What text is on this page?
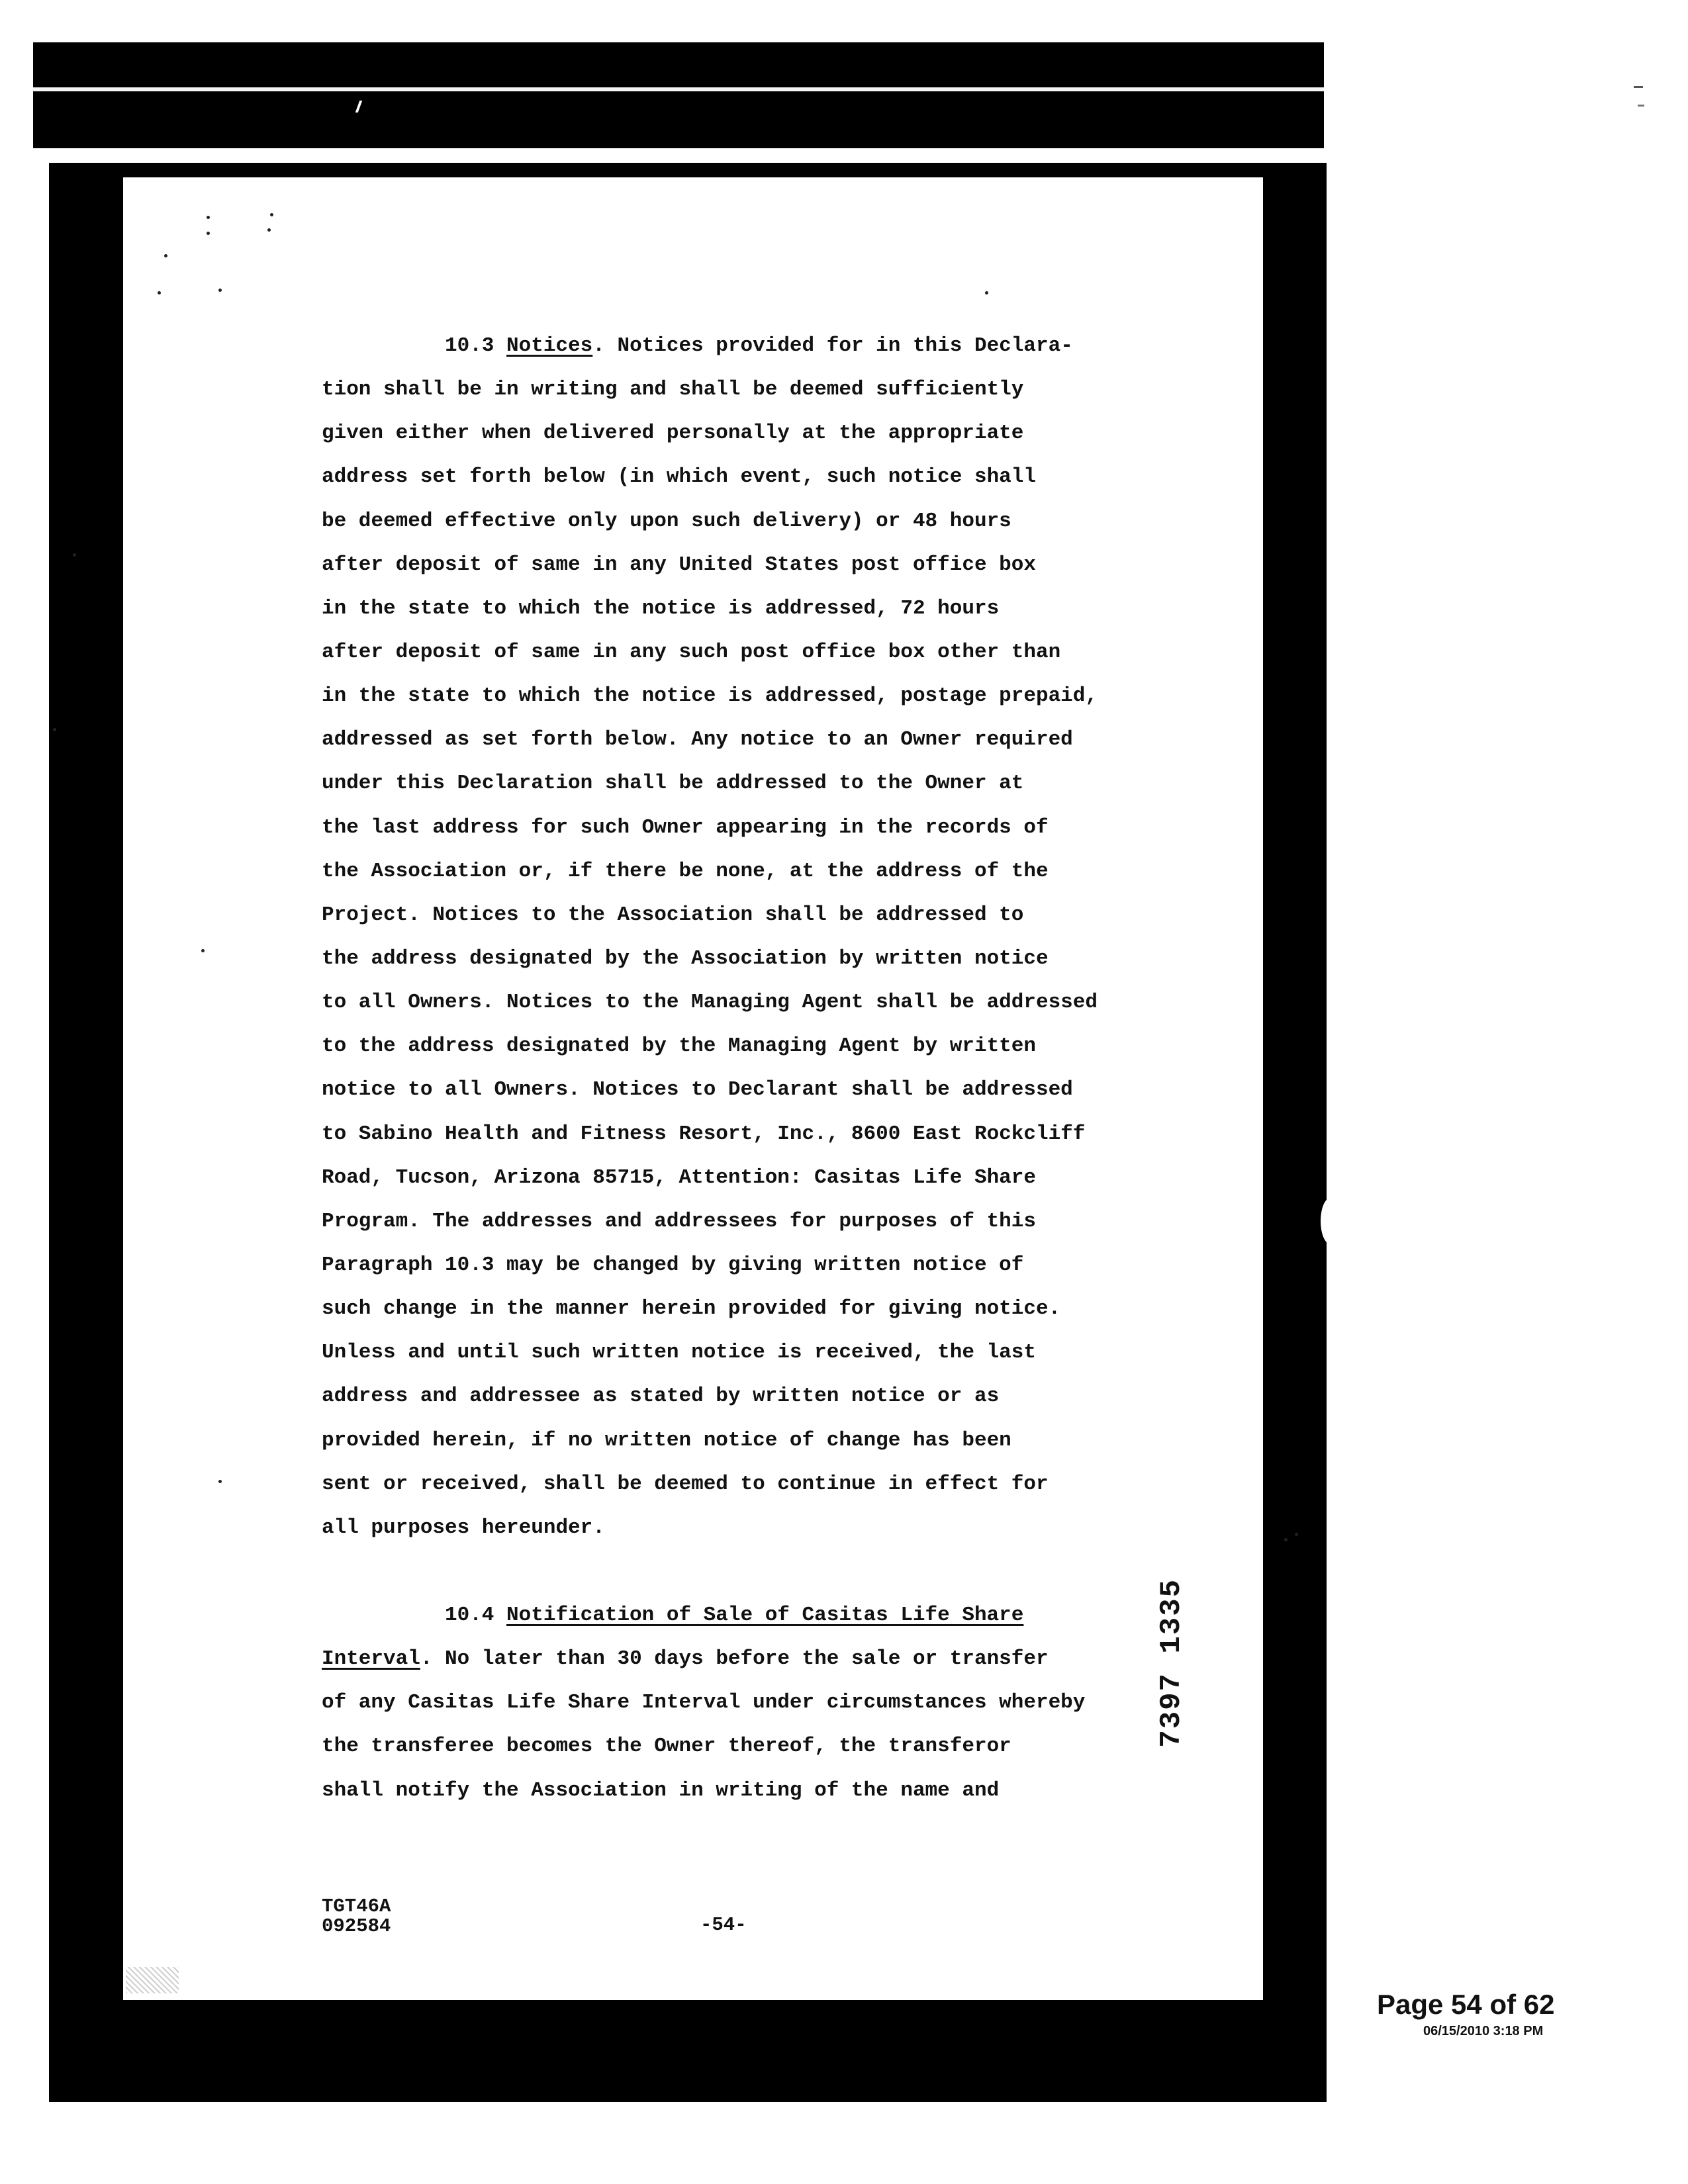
10.3 Notices. Notices provided for in this Declara-
tion shall be in writing and shall be deemed sufficiently
given either when delivered personally at the appropriate
address set forth below (in which event, such notice shall
be deemed effective only upon such delivery) or 48 hours
after deposit of same in any United States post office box
in the state to which the notice is addressed, 72 hours
after deposit of same in any such post office box other than
in the state to which the notice is addressed, postage prepaid,
addressed as set forth below. Any notice to an Owner required
under this Declaration shall be addressed to the Owner at
the last address for such Owner appearing in the records of
the Association or, if there be none, at the address of the
Project. Notices to the Association shall be addressed to
the address designated by the Association by written notice
to all Owners. Notices to the Managing Agent shall be addressed
to the address designated by the Managing Agent by written
notice to all Owners. Notices to Declarant shall be addressed
to Sabino Health and Fitness Resort, Inc., 8600 East Rockcliff
Road, Tucson, Arizona 85715, Attention: Casitas Life Share
Program. The addresses and addressees for purposes of this
Paragraph 10.3 may be changed by giving written notice of
such change in the manner herein provided for giving notice.
Unless and until such written notice is received, the last
address and addressee as stated by written notice or as
provided herein, if no written notice of change has been
sent or received, shall be deemed to continue in effect for
all purposes hereunder.
10.4 Notification of Sale of Casitas Life Share
Interval. No later than 30 days before the sale or transfer
of any Casitas Life Share Interval under circumstances whereby
the transferee becomes the Owner thereof, the transferor
shall notify the Association in writing of the name and
7397 1335
TGT46A
092584	-54-
Page 54 of 62
06/15/2010 3:18 PM
